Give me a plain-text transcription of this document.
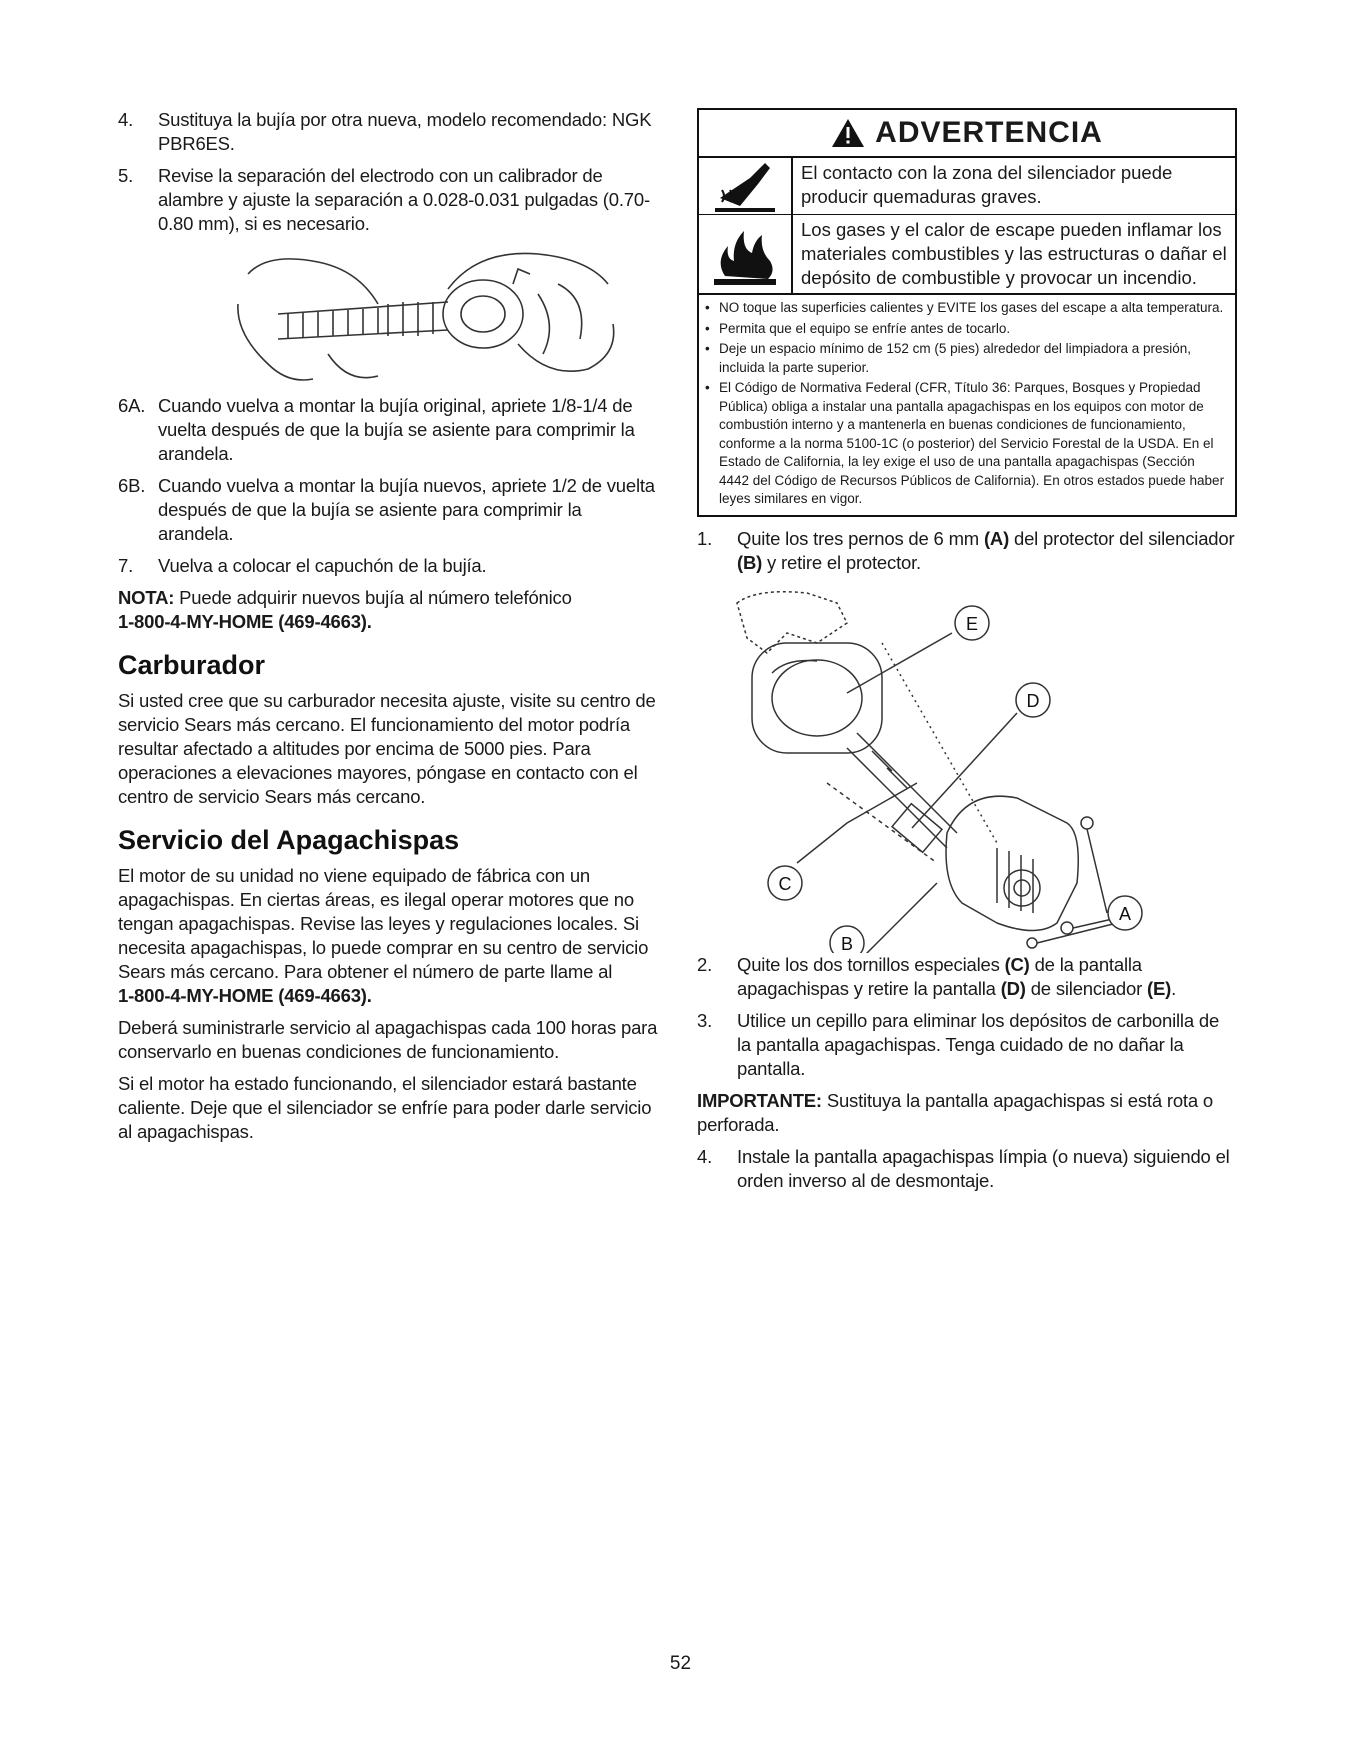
4.	Sustituya la bujía por otra nueva, modelo recomendado: NGK PBR6ES.
5.	Revise la separación del electrodo con un calibrador de alambre y ajuste la separación a 0.028-0.031 pulgadas (0.70-0.80 mm), si es necesario.
6A. Cuando vuelva a montar la bujía original, apriete 1/8-1/4 de vuelta después de que la bujía se asiente para comprimir la arandela.
6B. Cuando vuelva a montar la bujía nuevos, apriete 1/2 de vuelta después de que la bujía se asiente para comprimir la arandela.
7.	Vuelva a colocar el capuchón de la bujía.

NOTA: Puede adquirir nuevos bujía al número telefónico
1-800-4-MY-HOME (469-4663).

Carburador

Si usted cree que su carburador necesita ajuste, visite su centro de servicio Sears más cercano. El funcionamiento del motor podría resultar afectado a altitudes por encima de 5000 pies. Para operaciones a elevaciones mayores, póngase en contacto con el centro de servicio Sears más cercano.

Servicio del Apagachispas

El motor de su unidad no viene equipado de fábrica con un apagachispas. En ciertas áreas, es ilegal operar motores que no tengan apagachispas. Revise las leyes y regulaciones locales. Si necesita apagachispas, lo puede comprar en su centro de servicio Sears más cercano. Para obtener el número de parte llame al
1-800-4-MY-HOME (469-4663).

Deberá suministrarle servicio al apagachispas cada 100 horas para conservarlo en buenas condiciones de funcionamiento.

Si el motor ha estado funcionando, el silenciador estará bastante caliente. Deje que el silenciador se enfríe para poder darle servicio al apagachispas.

ADVERTENCIA
El contacto con la zona del silenciador puede producir quemaduras graves.
Los gases y el calor de escape pueden inflamar los materiales combustibles y las estructuras o dañar el depósito de combustible y provocar un incendio.
• NO toque las superficies calientes y EVITE los gases del escape a alta temperatura.
• Permita que el equipo se enfríe antes de tocarlo.
• Deje un espacio mínimo de 152 cm (5 pies) alrededor del limpiadora a presión, incluida la parte superior.
• El Código de Normativa Federal (CFR, Título 36: Parques, Bosques y Propiedad Pública) obliga a instalar una pantalla apagachispas en los equipos con motor de combustión interno y a mantenerla en buenas condiciones de funcionamiento, conforme a la norma 5100-1C (o posterior) del Servicio Forestal de la USDA. En el Estado de California, la ley exige el uso de una pantalla apagachispas (Sección 4442 del Código de Recursos Públicos de California). En otros estados puede haber leyes similares en vigor.
1.	Quite los tres pernos de 6 mm (A) del protector del silenciador (B) y retire el protector.
E
D
C
B
A
2.	Quite los dos tornillos especiales (C) de la pantalla apagachispas y retire la pantalla (D) de silenciador (E).
3.	Utilice un cepillo para eliminar los depósitos de carbonilla de la pantalla apagachispas. Tenga cuidado de no dañar la pantalla.

IMPORTANTE: Sustituya la pantalla apagachispas si está rota o perforada.

4.	Instale la pantalla apagachispas límpia (o nueva) siguiendo el orden inverso al de desmontaje.
52
